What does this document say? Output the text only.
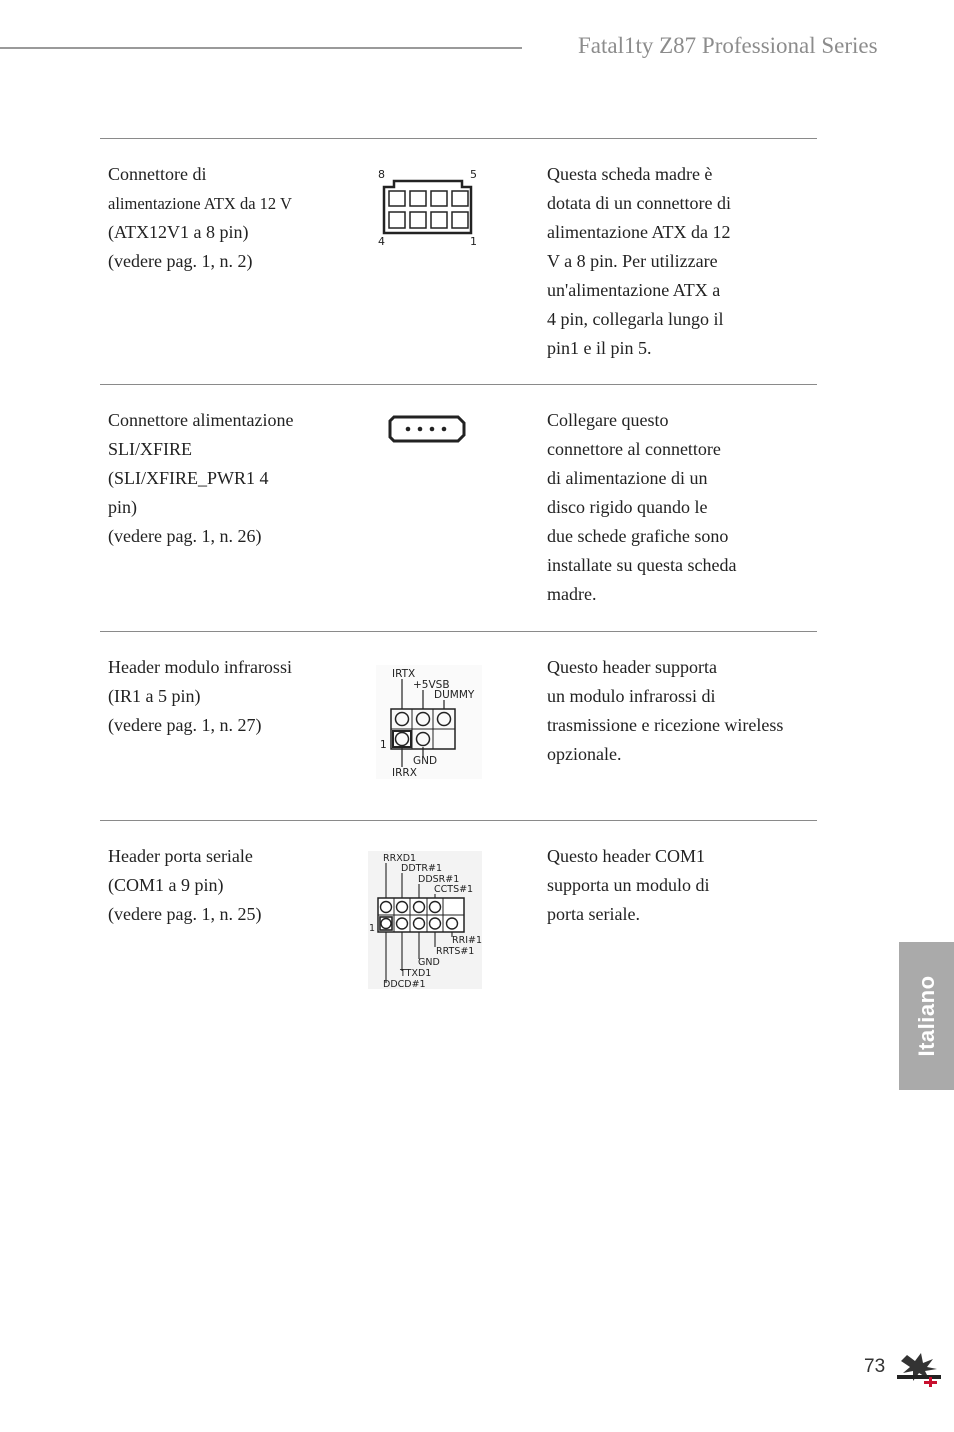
Fatal1ty Z87 Professional Series
Connettore di
alimentazione ATX da 12 V
(ATX12V1 a 8 pin)
(vedere pag. 1, n. 2)
8	5
4	1
Questa scheda madre è
dotata di un connettore di
alimentazione ATX da 12
V a 8 pin. Per utilizzare
un'alimentazione ATX a
4 pin, collegarla lungo il
pin1 e il pin 5.
Connettore alimentazione
SLI/XFIRE
(SLI/XFIRE_PWR1 4
pin)
(vedere pag. 1, n. 26)
Collegare questo
connettore al connettore
di alimentazione di un
disco rigido quando le
due schede grafiche sono
installate su questa scheda
madre.
Header modulo infrarossi
(IR1 a 5 pin)
(vedere pag. 1, n. 27)
IRTX
+5VSB
DUMMY
1
GND
IRRX
Questo header supporta
un modulo infrarossi di
trasmissione e ricezione wireless
opzionale.
Header porta seriale
(COM1 a 9 pin)
(vedere pag. 1, n. 25)
RRXD1
DDTR#1
DDSR#1
CCTS#1
1
RRI#1
RRTS#1
GND
TTXD1
DDCD#1
Questo header COM1
supporta un modulo di
porta seriale.
Italiano
73
